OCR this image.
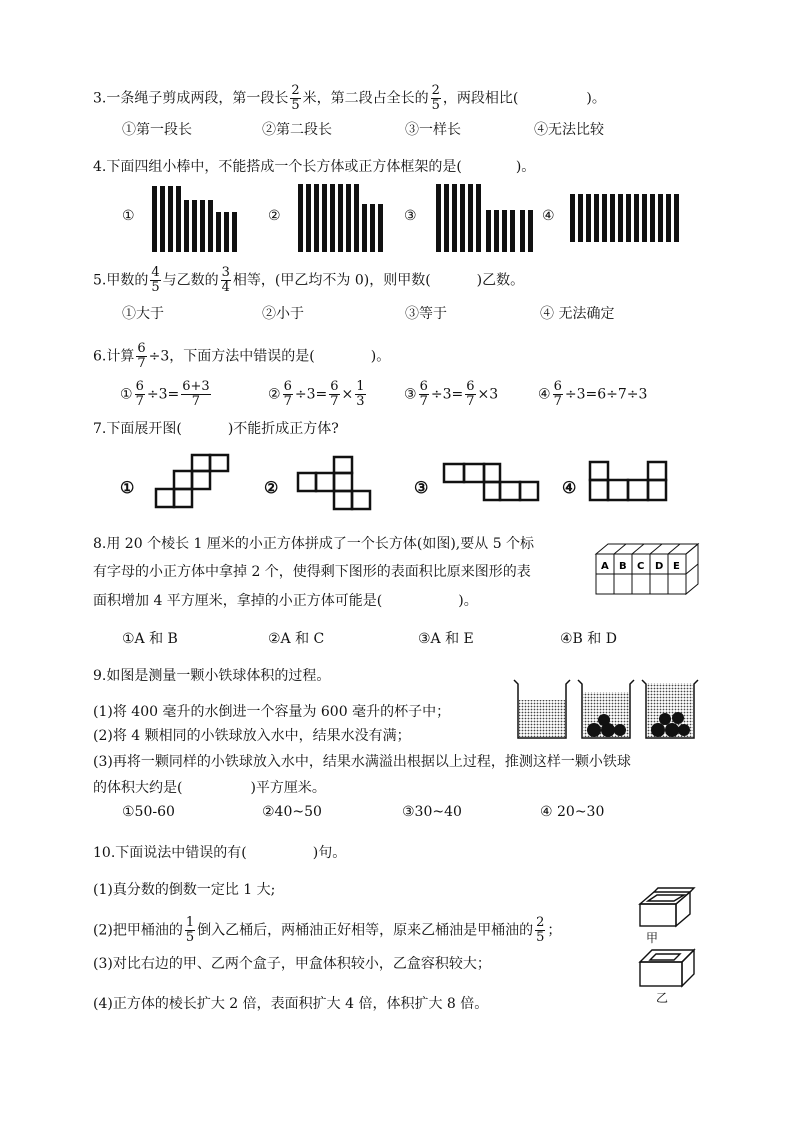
3.一条绳子剪成两段，第一段长 $\frac{2}{5}$ 米，第二段占全长的 $\frac{2}{5}$ ，两段相比(	)。
①第一段长	②第二段长	③一样长	④无法比较
4.下面四组小棒中，不能搭成一个长方体或正方体框架的是(	)。
①	②	③	④
5.甲数的 $\frac{4}{5}$ 与乙数的 $\frac{3}{4}$ 相等，(甲乙均不为 0)，则甲数(	)乙数。
①大于	②小于	③等于	④ 无法确定
6.计算 $\frac{6}{7} \div 3$，下面方法中错误的是(	)。
① $\frac{6}{7} \div 3= \frac{6+3}{7}$	② $\frac{6}{7} \div 3= \frac{6}{7} \times \frac{1}{3}$	③ $\frac{6}{7} \div 3= \frac{6}{7} \times 3$	④ $\frac{6}{7} \div 3=6\div 7\div 3$
7.下面展开图(	)不能折成正方体?
①	②	③	④
8.用 20 个棱长 1 厘米的小正方体拼成了一个长方体(如图),要从 5 个标
有字母的小正方体中拿掉 2 个，使得剩下图形的表面积比原来图形的表
面积增加 4 平方厘米，拿掉的小正方体可能是(	)。
A B C D E
①A 和 B	②A 和 C	③A 和 E	④B 和 D
9.如图是测量一颗小铁球体积的过程。
(1)将 400 毫升的水倒进一个容量为 600 毫升的杯子中；
(2)将 4 颗相同的小铁球放入水中，结果水没有满；
(3)再将一颗同样的小铁球放入水中，结果水满溢出根据以上过程，推测这样一颗小铁球
的体积大约是(	)平方厘米。
①50-60	②40~50	③30~40	④ 20~30
10.下面说法中错误的有(	)句。
(1)真分数的倒数一定比 1 大;
(2)把甲桶油的 $\frac{1}{5}$ 倒入乙桶后，两桶油正好相等，原来乙桶油是甲桶油的 $\frac{2}{5}$ ；
(3)对比右边的甲、乙两个盒子，甲盒体积较小，乙盒容积较大；
(4)正方体的棱长扩大 2 倍，表面积扩大 4 倍，体积扩大 8 倍。
甲
乙
